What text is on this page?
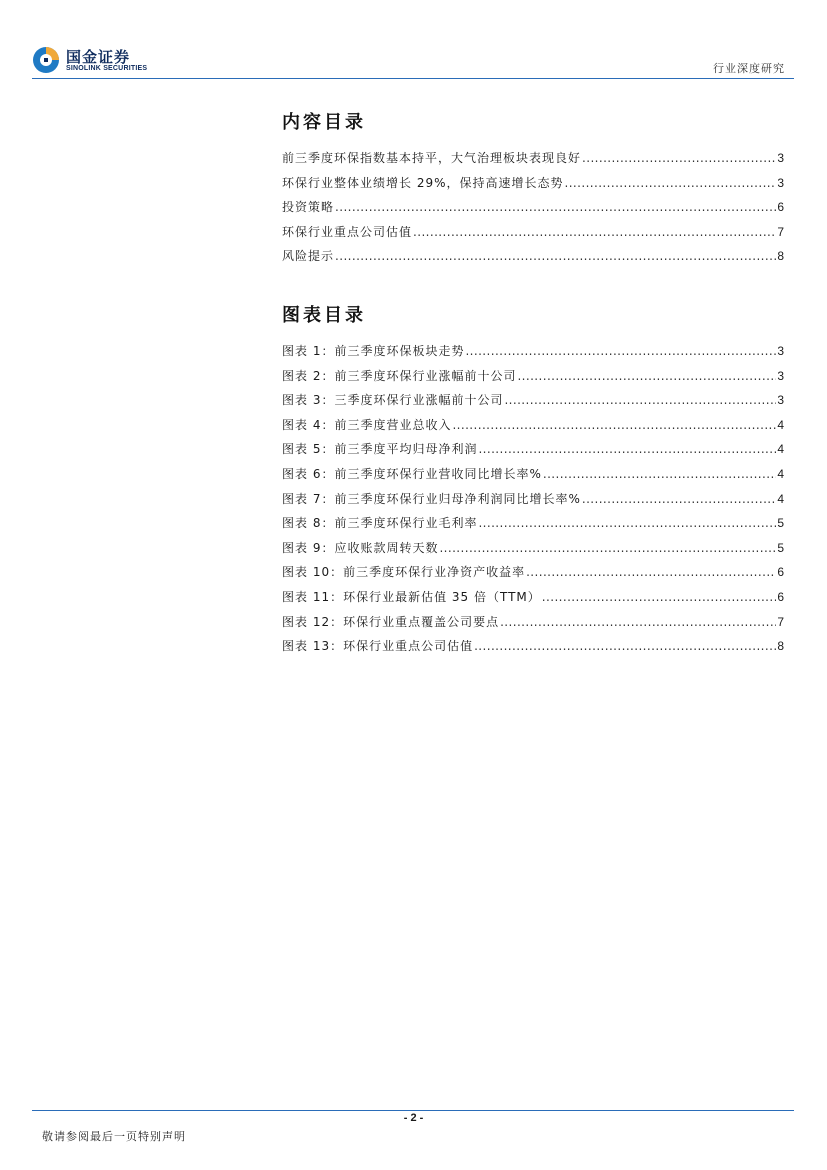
国金证券
SINOLINK SECURITIES	行业深度研究
内容目录
前三季度环保指数基本持平，大气治理板块表现良好 .....	3
环保行业整体业绩增长 29%，保持高速增长态势 .....	3
投资策略 .....	6
环保行业重点公司估值 .....	7
风险提示 .....	8
图表目录
图表 1：前三季度环保板块走势 .....	3
图表 2：前三季度环保行业涨幅前十公司 .....	3
图表 3：三季度环保行业涨幅前十公司 .....	3
图表 4：前三季度营业总收入 .....	4
图表 5：前三季度平均归母净利润 .....	4
图表 6：前三季度环保行业营收同比增长率% .....	4
图表 7：前三季度环保行业归母净利润同比增长率% .....	4
图表 8：前三季度环保行业毛利率 .....	5
图表 9：应收账款周转天数 .....	5
图表 10：前三季度环保行业净资产收益率 .....	6
图表 11：环保行业最新估值 35 倍（TTM） .....	6
图表 12：环保行业重点覆盖公司要点 .....	7
图表 13：环保行业重点公司估值 .....	8
- 2 -
敬请参阅最后一页特别声明
